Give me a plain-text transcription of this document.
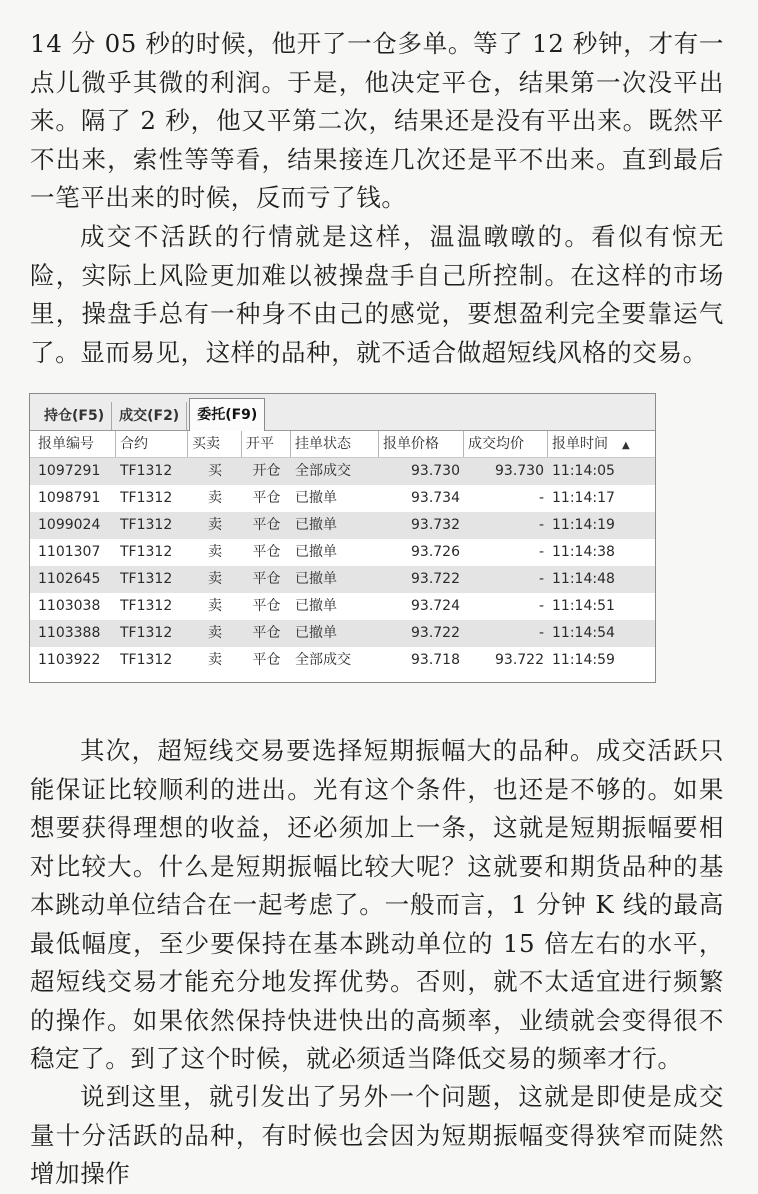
14 分 05 秒的时候，他开了一仓多单。等了 12 秒钟，才有一点儿微乎其微的利润。于是，他决定平仓，结果第一次没平出来。隔了 2 秒，他又平第二次，结果还是没有平出来。既然平不出来，索性等等看，结果接连几次还是平不出来。直到最后一笔平出来的时候，反而亏了钱。

成交不活跃的行情就是这样，温温暾暾的。看似有惊无险，实际上风险更加难以被操盘手自己所控制。在这样的市场里，操盘手总有一种身不由己的感觉，要想盈利完全要靠运气了。显而易见，这样的品种，就不适合做超短线风格的交易。

持仓(F5)	成交(F2)	委托(F9)
报单编号	合约	买卖	开平	挂单状态	报单价格	成交均价	报单时间 ▲
1097291	TF1312	买	开仓	全部成交	93.730	93.730 11:14:05
1098791	TF1312	卖	平仓	已撤单	93.734	- 11:14:17
1099024	TF1312	卖	平仓	已撤单	93.732	- 11:14:19
1101307	TF1312	卖	平仓	已撤单	93.726	- 11:14:38
1102645	TF1312	卖	平仓	已撤单	93.722	- 11:14:48
1103038	TF1312	卖	平仓	已撤单	93.724	- 11:14:51
1103388	TF1312	卖	平仓	已撤单	93.722	- 11:14:54
1103922	TF1312	卖	平仓	全部成交	93.718	93.722 11:14:59

其次，超短线交易要选择短期振幅大的品种。成交活跃只能保证比较顺利的进出。光有这个条件，也还是不够的。如果想要获得理想的收益，还必须加上一条，这就是短期振幅要相对比较大。什么是短期振幅比较大呢？这就要和期货品种的基本跳动单位结合在一起考虑了。一般而言，1 分钟 K 线的最高最低幅度，至少要保持在基本跳动单位的 15 倍左右的水平，超短线交易才能充分地发挥优势。否则，就不太适宜进行频繁的操作。如果依然保持快进快出的高频率，业绩就会变得很不稳定了。到了这个时候，就必须适当降低交易的频率才行。

说到这里，就引发出了另外一个问题，这就是即使是成交量十分活跃的品种，有时候也会因为短期振幅变得狭窄而陡然增加操作
